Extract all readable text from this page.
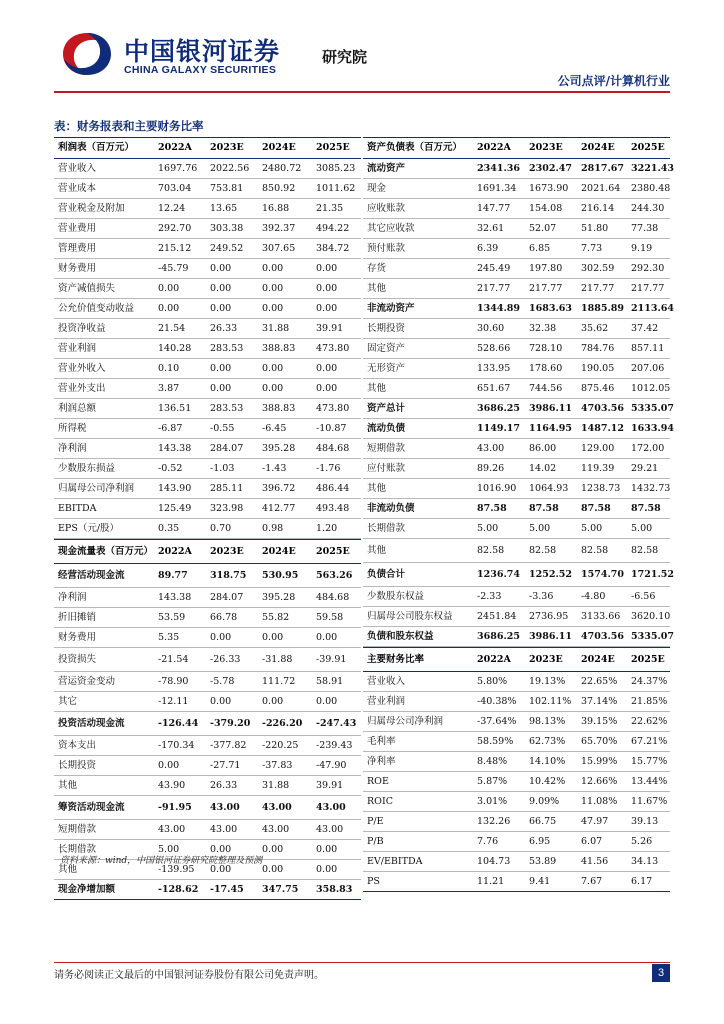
中国银河证券
CHINA GALAXY SECURITIES
研究院
公司点评/计算机行业
表：财务报表和主要财务比率
利润表（百万元）	2022A	2023E	2024E	2025E
营业收入	1697.76	2022.56	2480.72	3085.23
营业成本	703.04	753.81	850.92	1011.62
营业税金及附加	12.24	13.65	16.88	21.35
营业费用	292.70	303.38	392.37	494.22
管理费用	215.12	249.52	307.65	384.72
财务费用	-45.79	0.00	0.00	0.00
资产减值损失	0.00	0.00	0.00	0.00
公允价值变动收益	0.00	0.00	0.00	0.00
投资净收益	21.54	26.33	31.88	39.91
营业利润	140.28	283.53	388.83	473.80
营业外收入	0.10	0.00	0.00	0.00
营业外支出	3.87	0.00	0.00	0.00
利润总额	136.51	283.53	388.83	473.80
所得税	-6.87	-0.55	-6.45	-10.87
净利润	143.38	284.07	395.28	484.68
少数股东损益	-0.52	-1.03	-1.43	-1.76
归属母公司净利润	143.90	285.11	396.72	486.44
EBITDA	125.49	323.98	412.77	493.48
EPS（元/股）	0.35	0.70	0.98	1.20
现金流量表（百万元） 2022A	2023E	2024E	2025E
经营活动现金流	89.77	318.75	530.95	563.26
净利润	143.38	284.07	395.28	484.68
折旧摊销	53.59	66.78	55.82	59.58
财务费用	5.35	0.00	0.00	0.00
投资损失	-21.54	-26.33	-31.88	-39.91
营运资金变动	-78.90	-5.78	111.72	58.91
其它	-12.11	0.00	0.00	0.00
投资活动现金流	-126.44	-379.20	-226.20	-247.43
资本支出	-170.34	-377.82	-220.25	-239.43
长期投资	0.00	-27.71	-37.83	-47.90
其他	43.90	26.33	31.88	39.91
筹资活动现金流	-91.95	43.00	43.00	43.00
短期借款	43.00	43.00	43.00	43.00
长期借款	5.00	0.00	0.00	0.00
其他	-139.95	0.00	0.00	0.00
现金净增加额	-128.62	-17.45	347.75	358.83
资产负债表（百万元）	2022A	2023E	2024E	2025E
流动资产	2341.36 2302.47 2817.67 3221.43
现金	1691.34	1673.90	2021.64	2380.48
应收账款	147.77	154.08	216.14	244.30
其它应收款	32.61	52.07	51.80	77.38
预付账款	6.39	6.85	7.73	9.19
存货	245.49	197.80	302.59	292.30
其他	217.77	217.77	217.77	217.77
非流动资产	1344.89 1683.63 1885.89 2113.64
长期投资	30.60	32.38	35.62	37.42
固定资产	528.66	728.10	784.76	857.11
无形资产	133.95	178.60	190.05	207.06
其他	651.67	744.56	875.46	1012.05
资产总计	3686.25 3986.11 4703.56 5335.07
流动负债	1149.17 1164.95 1487.12 1633.94
短期借款	43.00	86.00	129.00	172.00
应付账款	89.26	14.02	119.39	29.21
其他	1016.90	1064.93	1238.73	1432.73
非流动负债	87.58	87.58	87.58	87.58
长期借款	5.00	5.00	5.00	5.00
其他	82.58	82.58	82.58	82.58
负债合计	1236.74 1252.52 1574.70 1721.52
少数股东权益	-2.33	-3.36	-4.80	-6.56
归属母公司股东权益	2451.84	2736.95	3133.66	3620.10
负债和股东权益	3686.25 3986.11 4703.56 5335.07
主要财务比率	2022A	2023E	2024E	2025E
营业收入	5.80%	19.13%	22.65%	24.37%
营业利润	-40.38%	102.11%	37.14%	21.85%
归属母公司净利润	-37.64%	98.13%	39.15%	22.62%
毛利率	58.59%	62.73%	65.70%	67.21%
净利率	8.48%	14.10%	15.99%	15.77%
ROE	5.87%	10.42%	12.66%	13.44%
ROIC	3.01%	9.09%	11.08%	11.67%
P/E	132.26	66.75	47.97	39.13
P/B	7.76	6.95	6.07	5.26
EV/EBITDA	104.73	53.89	41.56	34.13
PS	11.21	9.41	7.67	6.17
资料来源：wind，中国银河证券研究院整理及预测
请务必阅读正文最后的中国银河证券股份有限公司免责声明。	3
